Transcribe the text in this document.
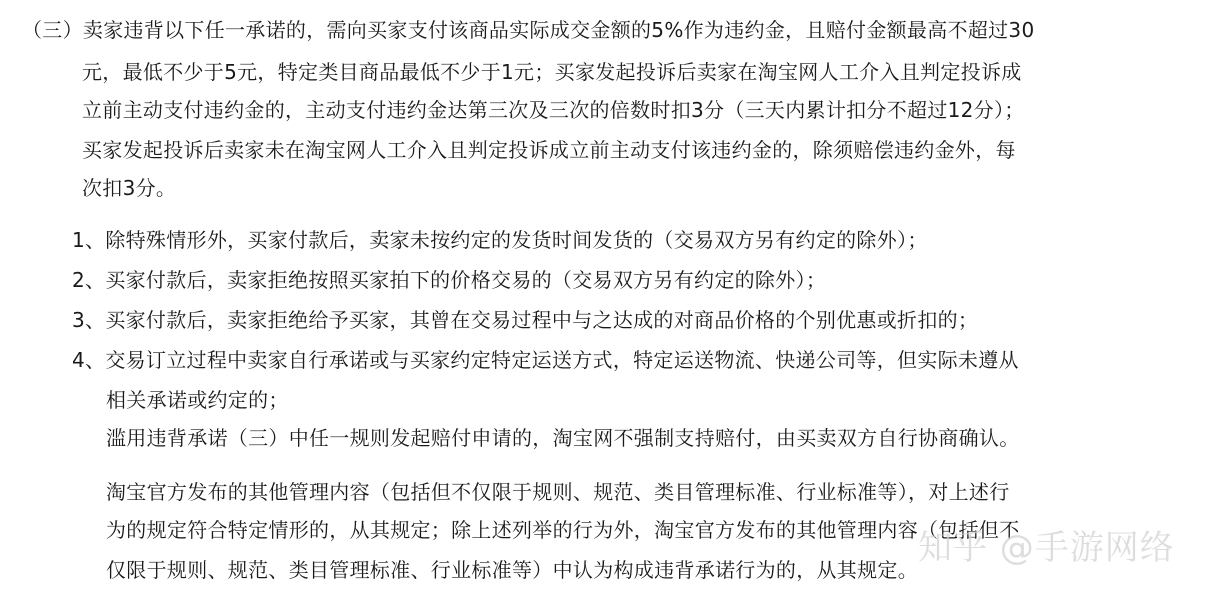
（三）卖家违背以下任一承诺的，需向买家支付该商品实际成交金额的5%作为违约金，且赔付金额最高不超过30
元，最低不少于5元，特定类目商品最低不少于1元；买家发起投诉后卖家在淘宝网人工介入且判定投诉成
立前主动支付违约金的，主动支付违约金达第三次及三次的倍数时扣3分（三天内累计扣分不超过12分）；
买家发起投诉后卖家未在淘宝网人工介入且判定投诉成立前主动支付该违约金的，除须赔偿违约金外，每
次扣3分。
1、除特殊情形外，买家付款后，卖家未按约定的发货时间发货的（交易双方另有约定的除外）；
2、买家付款后，卖家拒绝按照买家拍下的价格交易的（交易双方另有约定的除外）；
3、买家付款后，卖家拒绝给予买家，其曾在交易过程中与之达成的对商品价格的个别优惠或折扣的；
4、交易订立过程中卖家自行承诺或与买家约定特定运送方式，特定运送物流、快递公司等，但实际未遵从
相关承诺或约定的；
滥用违背承诺（三）中任一规则发起赔付申请的，淘宝网不强制支持赔付，由买卖双方自行协商确认。
淘宝官方发布的其他管理内容（包括但不仅限于规则、规范、类目管理标准、行业标准等），对上述行
为的规定符合特定情形的，从其规定；除上述列举的行为外，淘宝官方发布的其他管理内容（包括但不
仅限于规则、规范、类目管理标准、行业标准等）中认为构成违背承诺行为的，从其规定。
知乎 @手游网络
